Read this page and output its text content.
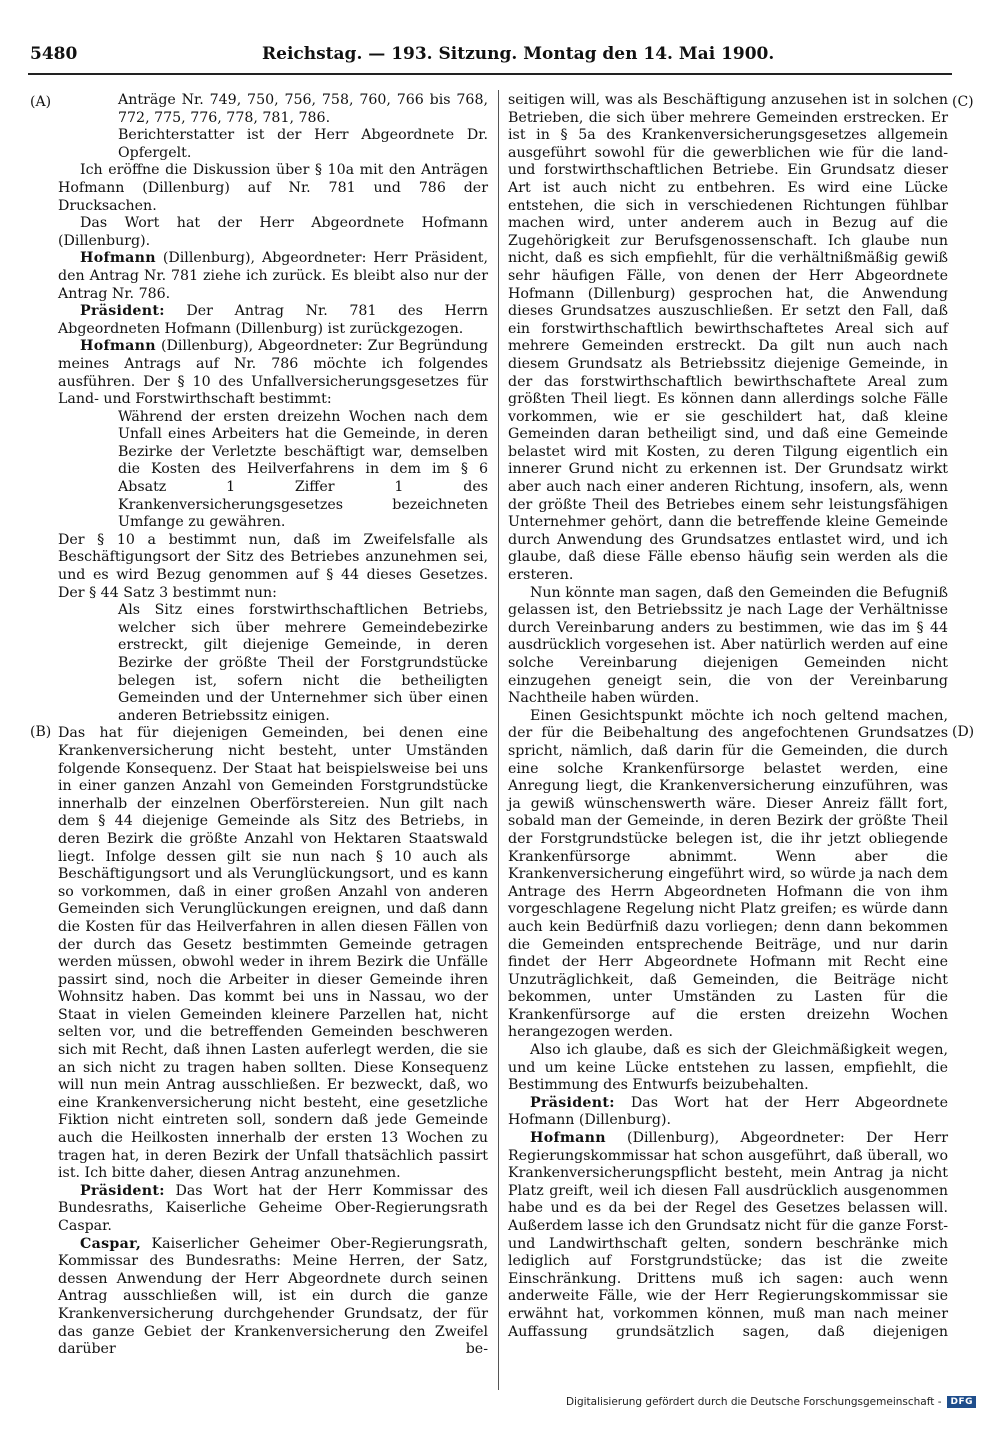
5480	Reichstag. — 193. Sitzung. Montag den 14. Mai 1900.
(A)
(B)
(C)
(D)

Anträge Nr. 749, 750, 756, 758, 760, 766 bis 768, 772, 775, 776, 778, 781, 786.

Berichterstatter ist der Herr Abgeordnete Dr. Opfergelt.

Ich eröffne die Diskussion über § 10a mit den Anträgen Hofmann (Dillenburg) auf Nr. 781 und 786 der Drucksachen.

Das Wort hat der Herr Abgeordnete Hofmann (Dillenburg).

Hofmann (Dillenburg), Abgeordneter: Herr Präsident, den Antrag Nr. 781 ziehe ich zurück. Es bleibt also nur der Antrag Nr. 786.

Präsident: Der Antrag Nr. 781 des Herrn Abgeordneten Hofmann (Dillenburg) ist zurückgezogen.

Hofmann (Dillenburg), Abgeordneter: Zur Begründung meines Antrags auf Nr. 786 möchte ich folgendes ausführen. Der § 10 des Unfallversicherungsgesetzes für Land- und Forstwirthschaft bestimmt:

Während der ersten dreizehn Wochen nach dem Unfall eines Arbeiters hat die Gemeinde, in deren Bezirke der Verletzte beschäftigt war, demselben die Kosten des Heilverfahrens in dem im § 6 Absatz 1 Ziffer 1 des Krankenversicherungsgesetzes bezeichneten Umfange zu gewähren.

Der § 10 a bestimmt nun, daß im Zweifelsfalle als Beschäftigungsort der Sitz des Betriebes anzunehmen sei, und es wird Bezug genommen auf § 44 dieses Gesetzes. Der § 44 Satz 3 bestimmt nun:

Als Sitz eines forstwirthschaftlichen Betriebs, welcher sich über mehrere Gemeindebezirke erstreckt, gilt diejenige Gemeinde, in deren Bezirke der größte Theil der Forstgrundstücke belegen ist, sofern nicht die betheiligten Gemeinden und der Unternehmer sich über einen anderen Betriebssitz einigen.

Das hat für diejenigen Gemeinden, bei denen eine Krankenversicherung nicht besteht, unter Umständen folgende Konsequenz. Der Staat hat beispielsweise bei uns in einer ganzen Anzahl von Gemeinden Forstgrundstücke innerhalb der einzelnen Oberförstereien. Nun gilt nach dem § 44 diejenige Gemeinde als Sitz des Betriebs, in deren Bezirk die größte Anzahl von Hektaren Staatswald liegt. Infolge dessen gilt sie nun nach § 10 auch als Beschäftigungsort und als Verunglückungsort, und es kann so vorkommen, daß in einer großen Anzahl von anderen Gemeinden sich Verunglückungen ereignen, und daß dann die Kosten für das Heilverfahren in allen diesen Fällen von der durch das Gesetz bestimmten Gemeinde getragen werden müssen, obwohl weder in ihrem Bezirk die Unfälle passirt sind, noch die Arbeiter in dieser Gemeinde ihren Wohnsitz haben. Das kommt bei uns in Nassau, wo der Staat in vielen Gemeinden kleinere Parzellen hat, nicht selten vor, und die betreffenden Gemeinden beschweren sich mit Recht, daß ihnen Lasten auferlegt werden, die sie an sich nicht zu tragen haben sollten. Diese Konsequenz will nun mein Antrag ausschließen. Er bezweckt, daß, wo eine Krankenversicherung nicht besteht, eine gesetzliche Fiktion nicht eintreten soll, sondern daß jede Gemeinde auch die Heilkosten innerhalb der ersten 13 Wochen zu tragen hat, in deren Bezirk der Unfall thatsächlich passirt ist. Ich bitte daher, diesen Antrag anzunehmen.

Präsident: Das Wort hat der Herr Kommissar des Bundesraths, Kaiserliche Geheime Ober-Regierungsrath Caspar.

Caspar, Kaiserlicher Geheimer Ober-Regierungsrath, Kommissar des Bundesraths: Meine Herren, der Satz, dessen Anwendung der Herr Abgeordnete durch seinen Antrag ausschließen will, ist ein durch die ganze Krankenversicherung durchgehender Grundsatz, der für das ganze Gebiet der Krankenversicherung den Zweifel darüber be-

seitigen will, was als Beschäftigung anzusehen ist in solchen Betrieben, die sich über mehrere Gemeinden erstrecken. Er ist in § 5a des Krankenversicherungsgesetzes allgemein ausgeführt sowohl für die gewerblichen wie für die land- und forstwirthschaftlichen Betriebe. Ein Grundsatz dieser Art ist auch nicht zu entbehren. Es wird eine Lücke entstehen, die sich in verschiedenen Richtungen fühlbar machen wird, unter anderem auch in Bezug auf die Zugehörigkeit zur Berufsgenossenschaft. Ich glaube nun nicht, daß es sich empfiehlt, für die verhältnißmäßig gewiß sehr häufigen Fälle, von denen der Herr Abgeordnete Hofmann (Dillenburg) gesprochen hat, die Anwendung dieses Grundsatzes auszuschließen. Er setzt den Fall, daß ein forstwirthschaftlich bewirthschaftetes Areal sich auf mehrere Gemeinden erstreckt. Da gilt nun auch nach diesem Grundsatz als Betriebssitz diejenige Gemeinde, in der das forstwirthschaftlich bewirthschaftete Areal zum größten Theil liegt. Es können dann allerdings solche Fälle vorkommen, wie er sie geschildert hat, daß kleine Gemeinden daran betheiligt sind, und daß eine Gemeinde belastet wird mit Kosten, zu deren Tilgung eigentlich ein innerer Grund nicht zu erkennen ist. Der Grundsatz wirkt aber auch nach einer anderen Richtung, insofern, als, wenn der größte Theil des Betriebes einem sehr leistungsfähigen Unternehmer gehört, dann die betreffende kleine Gemeinde durch Anwendung des Grundsatzes entlastet wird, und ich glaube, daß diese Fälle ebenso häufig sein werden als die ersteren.

Nun könnte man sagen, daß den Gemeinden die Befugniß gelassen ist, den Betriebssitz je nach Lage der Verhältnisse durch Vereinbarung anders zu bestimmen, wie das im § 44 ausdrücklich vorgesehen ist. Aber natürlich werden auf eine solche Vereinbarung diejenigen Gemeinden nicht einzugehen geneigt sein, die von der Vereinbarung Nachtheile haben würden.

Einen Gesichtspunkt möchte ich noch geltend machen, der für die Beibehaltung des angefochtenen Grundsatzes spricht, nämlich, daß darin für die Gemeinden, die durch eine solche Krankenfürsorge belastet werden, eine Anregung liegt, die Krankenversicherung einzuführen, was ja gewiß wünschenswerth wäre. Dieser Anreiz fällt fort, sobald man der Gemeinde, in deren Bezirk der größte Theil der Forstgrundstücke belegen ist, die ihr jetzt obliegende Krankenfürsorge abnimmt. Wenn aber die Krankenversicherung eingeführt wird, so würde ja nach dem Antrage des Herrn Abgeordneten Hofmann die von ihm vorgeschlagene Regelung nicht Platz greifen; es würde dann auch kein Bedürfniß dazu vorliegen; denn dann bekommen die Gemeinden entsprechende Beiträge, und nur darin findet der Herr Abgeordnete Hofmann mit Recht eine Unzuträglichkeit, daß Gemeinden, die Beiträge nicht bekommen, unter Umständen zu Lasten für die Krankenfürsorge auf die ersten dreizehn Wochen herangezogen werden.

Also ich glaube, daß es sich der Gleichmäßigkeit wegen, und um keine Lücke entstehen zu lassen, empfiehlt, die Bestimmung des Entwurfs beizubehalten.

Präsident: Das Wort hat der Herr Abgeordnete Hofmann (Dillenburg).

Hofmann (Dillenburg), Abgeordneter: Der Herr Regierungskommissar hat schon ausgeführt, daß überall, wo Krankenversicherungspflicht besteht, mein Antrag ja nicht Platz greift, weil ich diesen Fall ausdrücklich ausgenommen habe und es da bei der Regel des Gesetzes belassen will. Außerdem lasse ich den Grundsatz nicht für die ganze Forst- und Landwirthschaft gelten, sondern beschränke mich lediglich auf Forstgrundstücke; das ist die zweite Einschränkung. Drittens muß ich sagen: auch wenn anderweite Fälle, wie der Herr Regierungskommissar sie erwähnt hat, vorkommen können, muß man nach meiner Auffassung grundsätzlich sagen, daß diejenigen

Digitalisierung gefördert durch die Deutsche Forschungsgemeinschaft -	DFG
